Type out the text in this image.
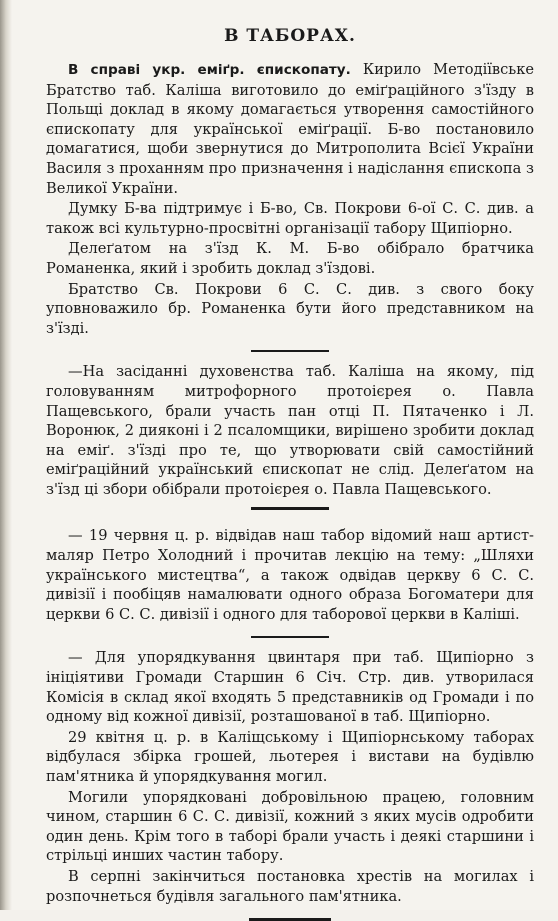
В ТАБОРАХ.

В справі укр. еміґр. єпископату. Кирило Методіївське Братство таб. Каліша виготовило до еміґраційного з'їзду в Польщі доклад в якому домагається утворення самостійного єпископату для української еміґрації. Б-во постановило домагатися, щоби звернутися до Митрополита Всієї України Василя з проханням про призначення і надіслання єпископа з Великої України.

Думку Б-ва підтримує і Б-во, Св. Покрови 6-ої С. С. див. а також всі культурно-просвітні організації табору Щипіорно.

Делеґатом на з'їзд К. М. Б-во обібрало братчика Романенка, який і зробить доклад з'їздові.

Братство Св. Покрови 6 С. С. див. з свого боку уповноважило бр. Романенка бути його представником на з'їзді.

—На засіданні духовенства таб. Каліша на якому, під головуванням митрофорного протоієрея о. Павла Пащевського, брали участь пан отці П. Пятаченко і Л. Воронюк, 2 дияконі і 2 псаломщики, вирішено зробити доклад на еміґ. з'їзді про те, що утворювати свій самостійний еміґраційний український єпископат не слід. Делеґатом на з'їзд ці збори обібрали протоієрея о. Павла Пащевського.

— 19 червня ц. р. відвідав наш табор відомий наш артист-маляр Петро Холодний і прочитав лекцію на тему: „Шляхи українського мистецтва“, а також одвідав церкву 6 С. С. дивізії і пообіцяв намалювати одного образа Богоматери для церкви 6 С. С. дивізії і одного для таборової церкви в Каліші.

— Для упорядкування цвинтаря при таб. Щипіорно з ініціятиви Громади Старшин 6 Січ. Стр. див. утворилася Комісія в склад якої входять 5 представників од Громади і по одному від кожної дивізії, розташованої в таб. Щипіорно.

29 квітня ц. р. в Каліщському і Щипіорнському таборах відбулася збірка грошей, льотерея і вистави на будівлю пам'ятника й упорядкування могил.

Могили упорядковані добровільною працею, головним чином, старшин 6 С. С. дивізії, кожний з яких мусів одробити один день. Крім того в таборі брали участь і деякі старшини і стрільці инших частин табору.

В серпні закінчиться постановка хрестів на могилах і розпочнеться будівля загального пам'ятника.
